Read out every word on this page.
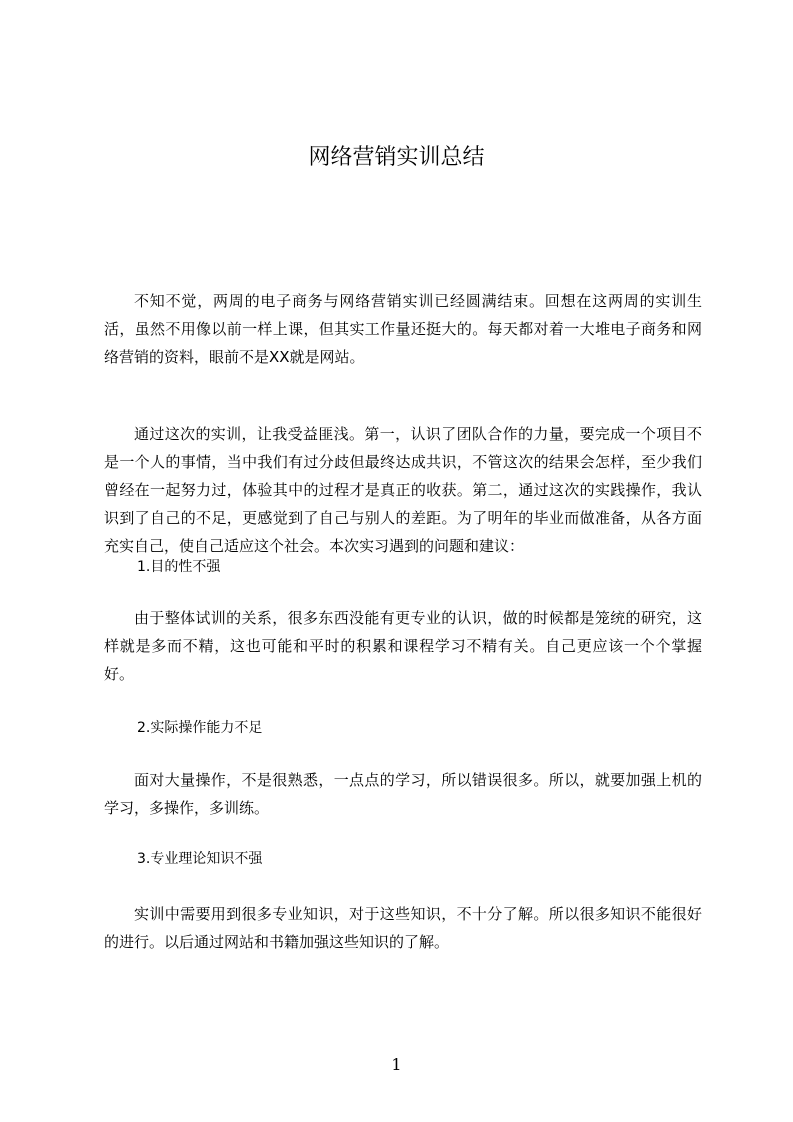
网络营销实训总结

不知不觉，两周的电子商务与网络营销实训已经圆满结束。回想在这两周的实训生活，虽然不用像以前一样上课，但其实工作量还挺大的。每天都对着一大堆电子商务和网络营销的资料，眼前不是XX就是网站。

通过这次的实训，让我受益匪浅。第一，认识了团队合作的力量，要完成一个项目不是一个人的事情，当中我们有过分歧但最终达成共识，不管这次的结果会怎样，至少我们曾经在一起努力过，体验其中的过程才是真正的收获。第二，通过这次的实践操作，我认识到了自己的不足，更感觉到了自己与别人的差距。为了明年的毕业而做准备，从各方面充实自己，使自己适应这个社会。本次实习遇到的问题和建议：

1.目的性不强

由于整体试训的关系，很多东西没能有更专业的认识，做的时候都是笼统的研究，这样就是多而不精，这也可能和平时的积累和课程学习不精有关。自己更应该一个个掌握好。

2.实际操作能力不足

面对大量操作，不是很熟悉，一点点的学习，所以错误很多。所以，就要加强上机的学习，多操作，多训练。

3.专业理论知识不强

实训中需要用到很多专业知识，对于这些知识，不十分了解。所以很多知识不能很好的进行。以后通过网站和书籍加强这些知识的了解。

1
